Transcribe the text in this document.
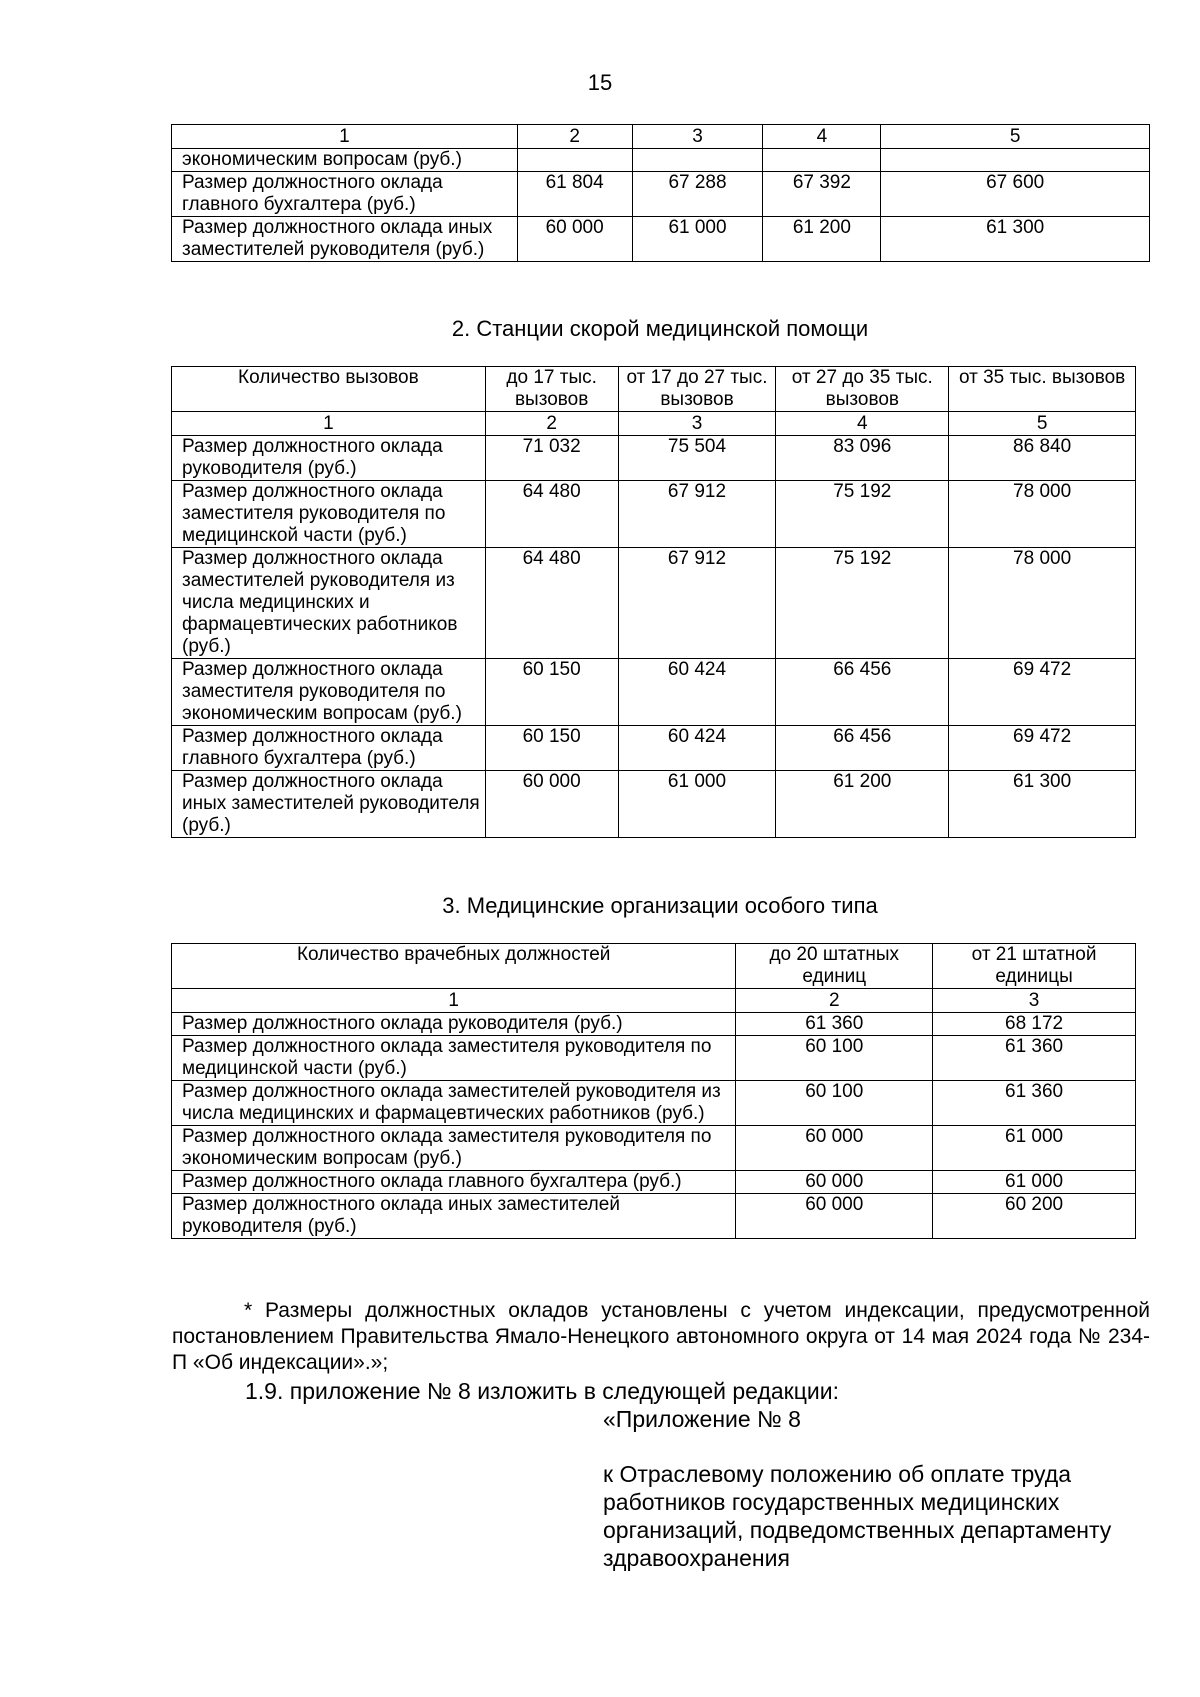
15
1	2	3	4	5
экономическим вопросам (руб.)				
Размер должностного оклада главного бухгалтера (руб.)	61 804	67 288	67 392	67 600
Размер должностного оклада иных заместителей руководителя (руб.)	60 000	61 000	61 200	61 300
2. Станции скорой медицинской помощи
Количество вызовов	до 17 тыс. вызовов	от 17 до 27 тыс. вызовов	от 27 до 35 тыс. вызовов	от 35 тыс. вызовов
1	2	3	4	5
Размер должностного оклада руководителя (руб.)	71 032	75 504	83 096	86 840
Размер должностного оклада заместителя руководителя по медицинской части (руб.)	64 480	67 912	75 192	78 000
Размер должностного оклада заместителей руководителя из числа медицинских и фармацевтических работников (руб.)	64 480	67 912	75 192	78 000
Размер должностного оклада заместителя руководителя по экономическим вопросам (руб.)	60 150	60 424	66 456	69 472
Размер должностного оклада главного бухгалтера (руб.)	60 150	60 424	66 456	69 472
Размер должностного оклада иных заместителей руководителя (руб.)	60 000	61 000	61 200	61 300
3. Медицинские организации особого типа
Количество врачебных должностей	до 20 штатных единиц	от 21 штатной единицы
1	2	3
Размер должностного оклада руководителя (руб.)	61 360	68 172
Размер должностного оклада заместителя руководителя по медицинской части (руб.)	60 100	61 360
Размер должностного оклада заместителей руководителя из числа медицинских и фармацевтических работников (руб.)	60 100	61 360
Размер должностного оклада заместителя руководителя по экономическим вопросам (руб.)	60 000	61 000
Размер должностного оклада главного бухгалтера (руб.)	60 000	61 000
Размер должностного оклада иных заместителей руководителя (руб.)	60 000	60 200
* Размеры должностных окладов установлены с учетом индексации, предусмотренной постановлением Правительства Ямало-Ненецкого автономного округа от 14 мая 2024 года № 234-П «Об индексации».»;
1.9. приложение № 8 изложить в следующей редакции:
«Приложение № 8
к Отраслевому положению об оплате труда работников государственных медицинских организаций, подведомственных департаменту здравоохранения
